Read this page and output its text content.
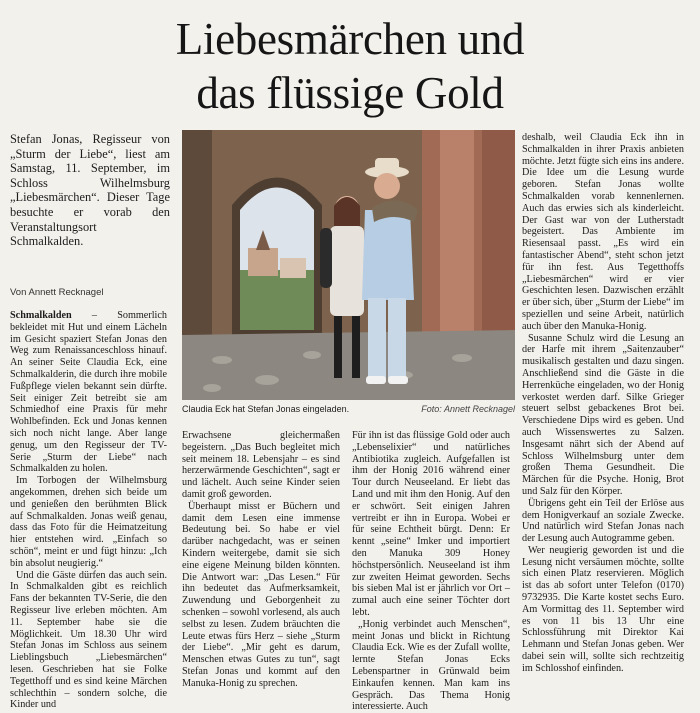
Liebesmärchen und
das flüssige Gold

Stefan Jonas, Regisseur von „Sturm der Liebe“, liest am Samstag, 11. September, im Schloss Wilhelmsburg „Liebesmärchen“. Dieser Tage besuchte er vorab den Veranstaltungsort Schmalkalden.

Von Annett Recknagel

Schmalkalden – Sommerlich bekleidet mit Hut und einem Lächeln im Gesicht spaziert Stefan Jonas den Weg zum Renaissanceschloss hinauf. An seiner Seite Claudia Eck, eine Schmalkalderin, die durch ihre mobile Fußpflege vielen bekannt sein dürfte. Seit einiger Zeit betreibt sie am Schmiedhof eine Praxis für mehr Wohlbefinden. Eck und Jonas kennen sich noch nicht lange. Aber lange genug, um den Regisseur der TV-Serie „Sturm der Liebe“ nach Schmalkalden zu holen.

Im Torbogen der Wilhelmsburg angekommen, drehen sich beide um und genießen den berühmten Blick auf Schmalkalden. Jonas weiß genau, dass das Foto für die Heimatzeitung hier entstehen wird. „Einfach so schön“, meint er und fügt hinzu: „Ich bin absolut neugierig.“

Und die Gäste dürfen das auch sein. In Schmalkalden gibt es reichlich Fans der bekannten TV-Serie, die den Regisseur live erleben möchten. Am 11. September habe sie die Möglichkeit. Um 18.30 Uhr wird Stefan Jonas im Schloss aus seinem Lieblingsbuch „Liebesmärchen“ lesen. Geschrieben hat sie Folke Tegetthoff und es sind keine Märchen schlechthin – sondern solche, die Kinder und

Claudia Eck hat Stefan Jonas eingeladen.	Foto: Annett Recknagel

Erwachsene gleichermaßen begeistern. „Das Buch begleitet mich seit meinem 18. Lebensjahr – es sind herzerwärmende Geschichten“, sagt er und lächelt. Auch seine Kinder seien damit groß geworden.

Überhaupt misst er Büchern und damit dem Lesen eine immense Bedeutung bei. So habe er viel darüber nachgedacht, was er seinen Kindern weitergebe, damit sie sich eine eigene Meinung bilden könnten. Die Antwort war: „Das Lesen.“ Für ihn bedeutet das Aufmerksamkeit, Zuwendung und Geborgenheit zu schenken – sowohl vorlesend, als auch selbst zu lesen. Zudem bräuchten die Leute etwas fürs Herz – siehe „Sturm der Liebe“. „Mir geht es darum, Menschen etwas Gutes zu tun“, sagt Stefan Jonas und kommt auf den Manuka-Honig zu sprechen.

Für ihn ist das flüssige Gold oder auch „Lebenselixier“ und natürliches Antibiotika zugleich. Aufgefallen ist ihm der Honig 2016 während einer Tour durch Neuseeland. Er liebt das Land und mit ihm den Honig. Auf den er schwört. Seit einigen Jahren vertreibt er ihn in Europa. Wobei er für seine Echtheit bürgt. Denn: Er kennt „seine“ Imker und importiert den Manuka 309 Honey höchstpersönlich. Neuseeland ist ihm zur zweiten Heimat geworden. Sechs bis sieben Mal ist er jährlich vor Ort – zumal auch eine seiner Töchter dort lebt.

„Honig verbindet auch Menschen“, meint Jonas und blickt in Richtung Claudia Eck. Wie es der Zufall wollte, lernte Stefan Jonas Ecks Lebenspartner in Grünwald beim Einkaufen kennen. Man kam ins Gespräch. Das Thema Honig interessierte. Auch

deshalb, weil Claudia Eck ihn in Schmalkalden in ihrer Praxis anbieten möchte. Jetzt fügte sich eins ins andere. Die Idee um die Lesung wurde geboren. Stefan Jonas wollte Schmalkalden vorab kennenlernen. Auch das erwies sich als kinderleicht. Der Gast war von der Lutherstadt begeistert. Das Ambiente im Riesensaal passt. „Es wird ein fantastischer Abend“, steht schon jetzt für ihn fest. Aus Tegetthoffs „Liebesmärchen“ wird er vier Geschichten lesen. Dazwischen erzählt er über sich, über „Sturm der Liebe“ im speziellen und seine Arbeit, natürlich auch über den Manuka-Honig.

Susanne Schulz wird die Lesung an der Harfe mit ihrem „Saitenzauber“ musikalisch gestalten und dazu singen. Anschließend sind die Gäste in die Herrenküche eingeladen, wo der Honig verkostet werden darf. Silke Grieger steuert selbst gebackenes Brot bei. Verschiedene Dips wird es geben. Und auch Wissenswertes zu Salzen. Insgesamt nährt sich der Abend auf Schloss Wilhelmsburg unter dem großen Thema Gesundheit. Die Märchen für die Psyche. Honig, Brot und Salz für den Körper.

Übrigens geht ein Teil der Erlöse aus dem Honigverkauf an soziale Zwecke. Und natürlich wird Stefan Jonas nach der Lesung auch Autogramme geben.

Wer neugierig geworden ist und die Lesung nicht versäumen möchte, sollte sich einen Platz reservieren. Möglich ist das ab sofort unter Telefon (0170) 9732935. Die Karte kostet sechs Euro. Am Vormittag des 11. September wird es von 11 bis 13 Uhr eine Schlossführung mit Direktor Kai Lehmann und Stefan Jonas geben. Wer dabei sein will, sollte sich rechtzeitig im Schlosshof einfinden.
